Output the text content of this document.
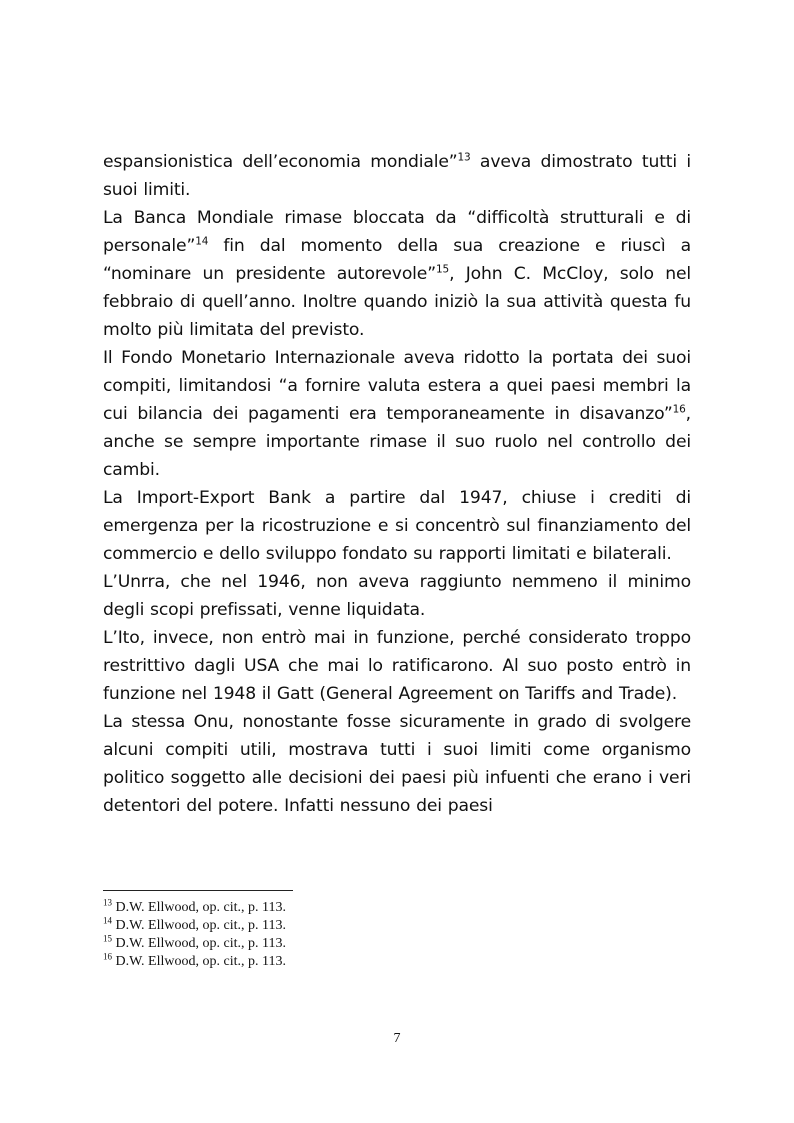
espansionistica dell’economia mondiale”$^{13}$ aveva dimostrato tutti i suoi limiti.

La Banca Mondiale rimase bloccata da “difficoltà strutturali e di personale”$^{14}$ fin dal momento della sua creazione e riuscì a “nominare un presidente autorevole”$^{15}$, John C. McCloy, solo nel febbraio di quell’anno. Inoltre quando iniziò la sua attività questa fu molto più limitata del previsto.

Il Fondo Monetario Internazionale aveva ridotto la portata dei suoi compiti, limitandosi “a fornire valuta estera a quei paesi membri la cui bilancia dei pagamenti era temporaneamente in disavanzo”$^{16}$, anche se sempre importante rimase il suo ruolo nel controllo dei cambi.

La Import-Export Bank a partire dal 1947, chiuse i crediti di emergenza per la ricostruzione e si concentrò sul finanziamento del commercio e dello sviluppo fondato su rapporti limitati e bilaterali.

L’Unrra, che nel 1946, non aveva raggiunto nemmeno il minimo degli scopi prefissati, venne liquidata.

L’Ito, invece, non entrò mai in funzione, perché considerato troppo restrittivo dagli USA che mai lo ratificarono. Al suo posto entrò in funzione nel 1948 il Gatt (General Agreement on Tariffs and Trade).

La stessa Onu, nonostante fosse sicuramente in grado di svolgere alcuni compiti utili, mostrava tutti i suoi limiti come organismo politico soggetto alle decisioni dei paesi più infuenti che erano i veri detentori del potere. Infatti nessuno dei paesi

$^{13}$ D.W. Ellwood, op. cit., p. 113.
$^{14}$ D.W. Ellwood, op. cit., p. 113.
$^{15}$ D.W. Ellwood, op. cit., p. 113.
$^{16}$ D.W. Ellwood, op. cit., p. 113.
7
